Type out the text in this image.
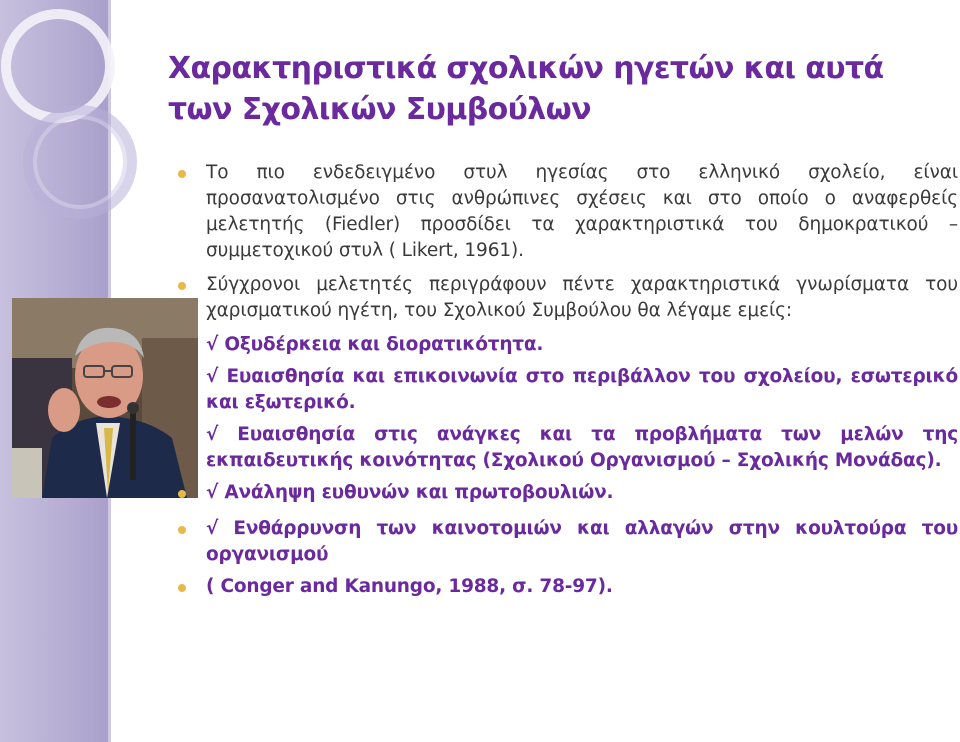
Χαρακτηριστικά σχολικών ηγετών και αυτά των Σχολικών Συμβούλων
Το πιο ενδεδειγμένο στυλ ηγεσίας στο ελληνικό σχολείο, είναι προσανατολισμένο στις ανθρώπινες σχέσεις και στο οποίο ο αναφερθείς μελετητής (Fiedler) προσδίδει τα χαρακτηριστικά του δημοκρατικού – συμμετοχικού στυλ ( Likert, 1961).
Σύγχρονοι μελετητές περιγράφουν πέντε χαρακτηριστικά γνωρίσματα του χαρισματικού ηγέτη, του Σχολικού Συμβούλου θα λέγαμε εμείς:
√ Οξυδέρκεια και διορατικότητα.
√ Ευαισθησία και επικοινωνία στο περιβάλλον του σχολείου, εσωτερικό και εξωτερικό.
√ Ευαισθησία στις ανάγκες και τα προβλήματα των μελών της εκπαιδευτικής κοινότητας (Σχολικού Οργανισμού – Σχολικής Μονάδας).
√ Ανάληψη ευθυνών και πρωτοβουλιών.
√ Ενθάρρυνση των καινοτομιών και αλλαγών στην κουλτούρα του οργανισμού
( Conger and Kanungo, 1988, σ. 78-97).
